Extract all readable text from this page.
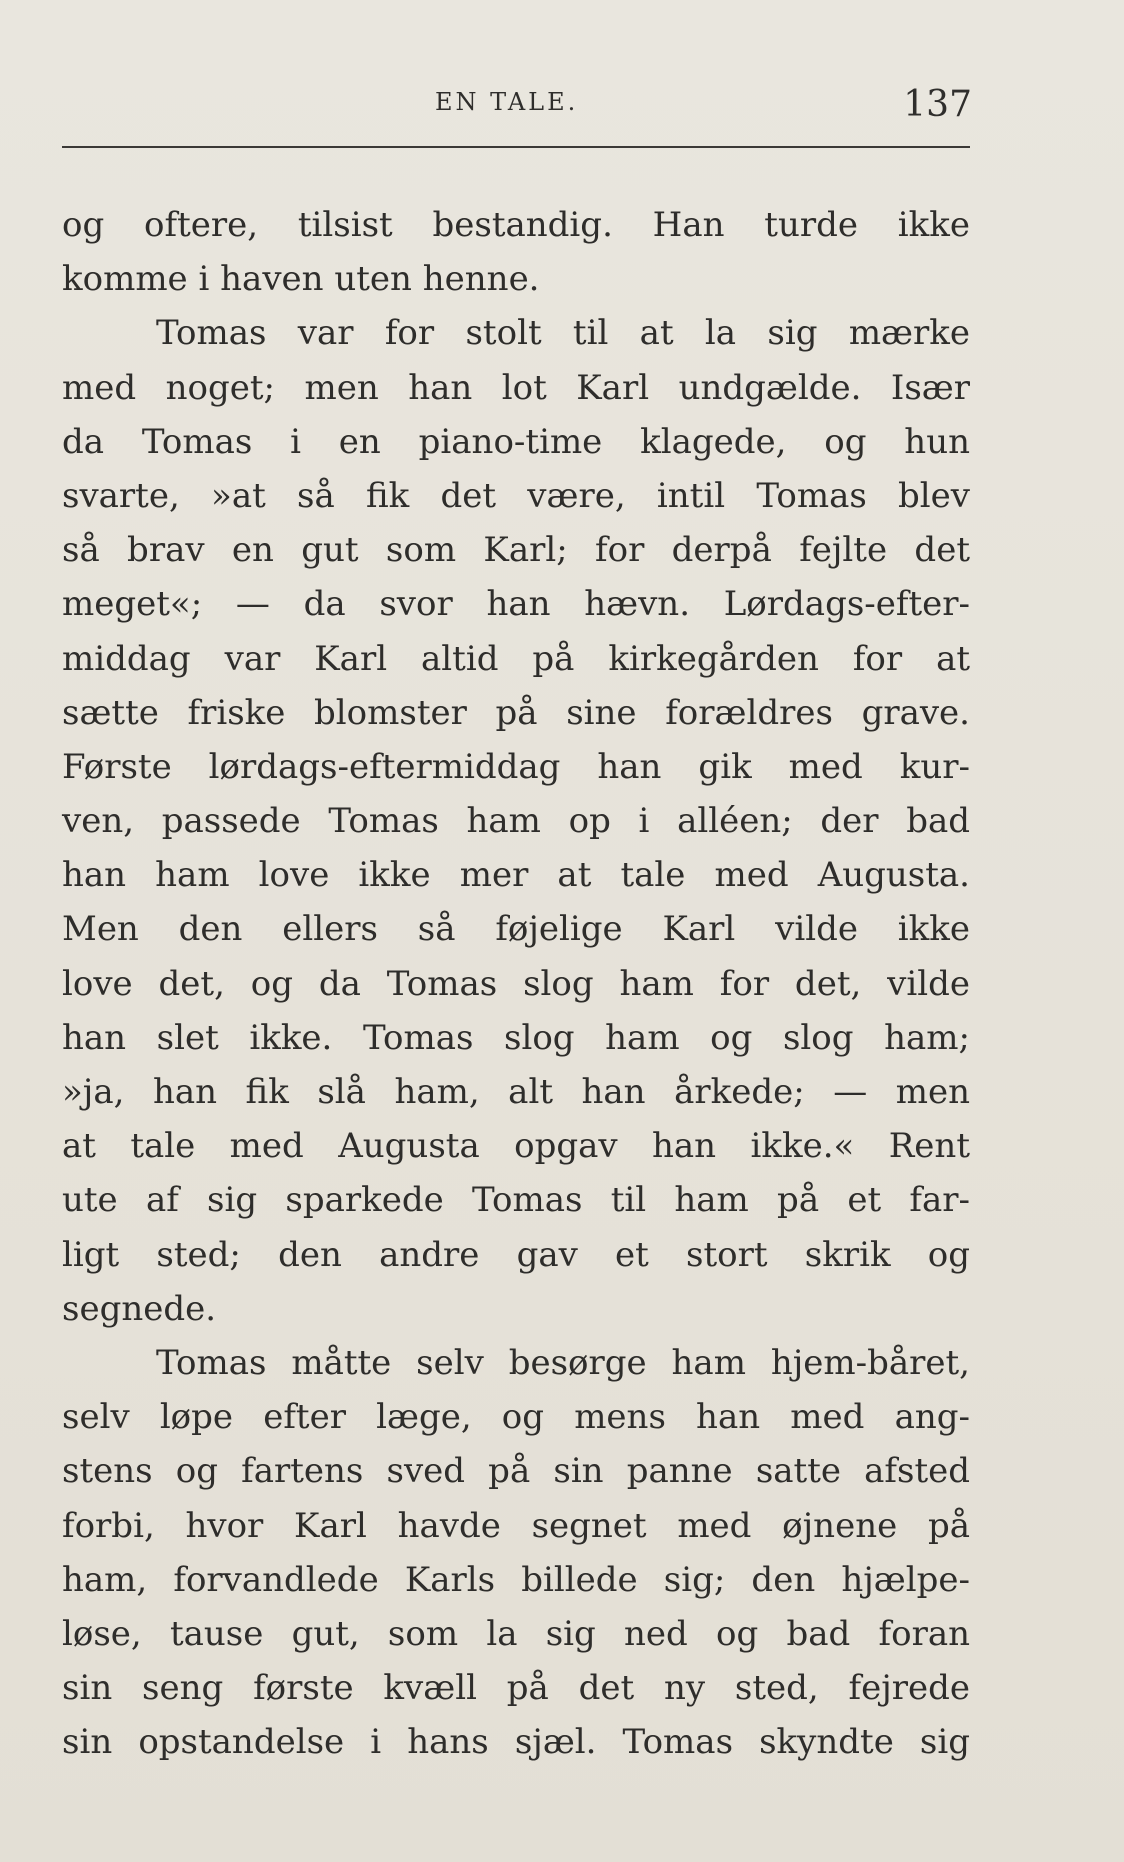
EN TALE.	137
og oftere, tilsist bestandig. Han turde ikke
komme i haven uten henne.
Tomas var for stolt til at la sig mærke
med noget; men han lot Karl undgælde. Især
da Tomas i en piano-time klagede, og hun
svarte, »at så fik det være, intil Tomas blev
så brav en gut som Karl; for derpå fejlte det
meget«; — da svor han hævn. Lørdags-efter-
middag var Karl altid på kirkegården for at
sætte friske blomster på sine forældres grave.
Første lørdags-eftermiddag han gik med kur-
ven, passede Tomas ham op i alléen; der bad
han ham love ikke mer at tale med Augusta.
Men den ellers så føjelige Karl vilde ikke
love det, og da Tomas slog ham for det, vilde
han slet ikke. Tomas slog ham og slog ham;
»ja, han fik slå ham, alt han årkede; — men
at tale med Augusta opgav han ikke.« Rent
ute af sig sparkede Tomas til ham på et far-
ligt sted; den andre gav et stort skrik og
segnede.
Tomas måtte selv besørge ham hjem-båret,
selv løpe efter læge, og mens han med ang-
stens og fartens sved på sin panne satte afsted
forbi, hvor Karl havde segnet med øjnene på
ham, forvandlede Karls billede sig; den hjælpe-
løse, tause gut, som la sig ned og bad foran
sin seng første kvæll på det ny sted, fejrede
sin opstandelse i hans sjæl. Tomas skyndte sig
